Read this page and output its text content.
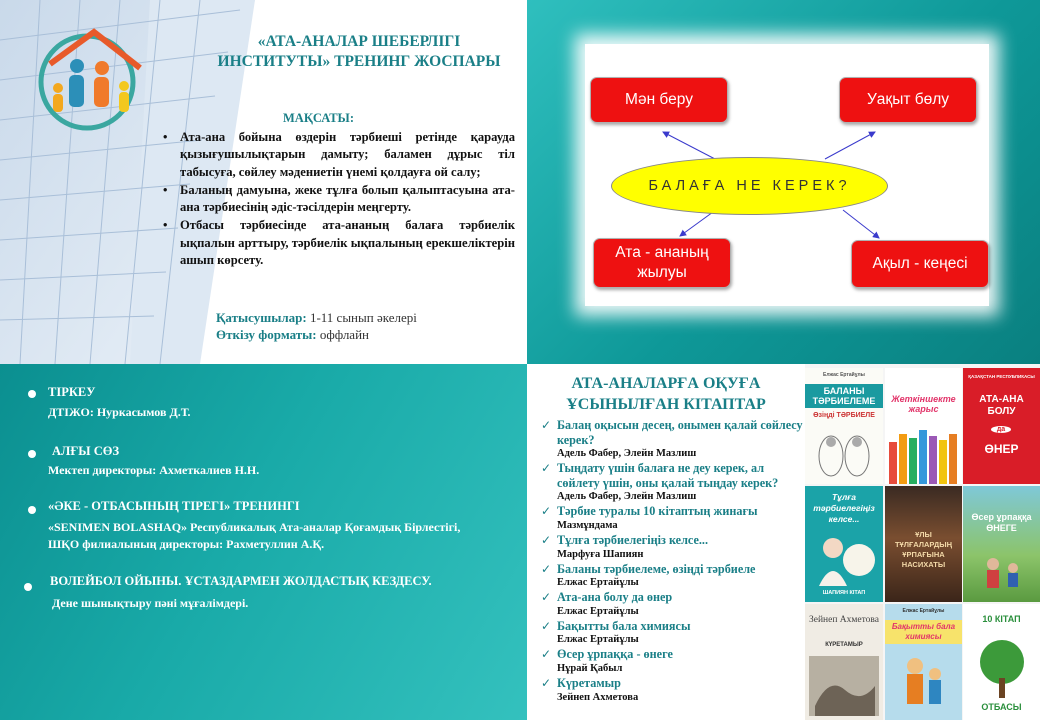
«АТА-АНАЛАР ШЕБЕРЛІГІ ИНСТИТУТЫ» ТРЕНИНГ ЖОСПАРЫ
МАҚСАТЫ:
• Ата-ана бойына өздерін тәрбиеші ретінде қарауда қызығушылықтарын дамыту; баламен дұрыс тіл табысуға, сөйлеу мәдениетін үнемі қолдауға ой салу;
• Баланың дамуына, жеке тұлға болып қалыптасуына ата-ана тәрбиесінің әдіс-тәсілдерін меңгерту.
• Отбасы тәрбиесінде ата-ананың балаға тәрбиелік ықпалын арттыру, тәрбиелік ықпалының ерекшеліктерін ашып көрсету.
Қатысушылар: 1-11 сынып әкелері
Өткізу форматы: оффлайн
Мән беру	Уақыт бөлу
БАЛАҒА НЕ КЕРЕК?
Ата - ананың жылуы
Ақыл - кеңесі
ТІРКЕУ
ДТІЖО: Нуркасымов Д.Т.
АЛҒЫ СӨЗ
Мектеп директоры: Ахметкалиев Н.Н.
«ӘКЕ - ОТБАСЫНЫҢ ТІРЕГІ» ТРЕНИНГІ
«SENIMEN BOLASHAQ» Республикалық Ата-аналар Қоғамдық Бірлестігі,
ШҚО филиалының директоры: Рахметуллин А.Қ.
ВОЛЕЙБОЛ ОЙЫНЫ. ҰСТАЗДАРМЕН ЖОЛДАСТЫҚ КЕЗДЕСУ.
Дене шынықтыру пәні мұғалімдері.
АТА-АНАЛАРҒА ОҚУҒА
ҰСЫНЫЛҒАН КІТАПТАР
✓ Балаң оқысын десең, онымен қалай сөйлесу керек?
Адель Фабер, Элейн Мазлиш
✓ Тыңдату үшін балаға не деу керек, ал сөйлету үшін, оны қалай тыңдау керек?
Адель Фабер, Элейн Мазлиш
✓ Тәрбие туралы 10 кітаптың жинағы
Мазмұндама
✓ Тұлға тәрбиелегіңіз келсе...
Марфуға Шапиян
✓ Баланы тәрбиелеме, өзіңді тәрбиеле
Елжас Ертайұлы
✓ Ата-ана болу да өнер
Елжас Ертайұлы
✓ Бақытты бала химиясы
Елжас Ертайұлы
✓ Өсер ұрпаққа - өнеге
Нұрай Қабыл
✓ Күретамыр
Зейнеп Ахметова
Елжас Ертайұлы
БАЛАНЫ ТӘРБИЕЛЕМЕ
Өзіңді ТӘРБИЕЛЕ
Жеткіншекте жарыс
ҚАЗАҚСТАН РЕСПУБЛИКАСЫ
АТА-АНА БОЛУ
да
ӨНЕР
Тұлға тәрбиелегіңіз келсе...
ШАПИЯН КІТАП
ҰЛЫ ТҰЛҒАЛАРДЫҢ ҰРПАҒЫНА НАСИХАТЫ
Өсер ұрпаққа ӨНЕГЕ
Зейнеп Ахметова
КҮРЕТАМЫР
Бақытты бала химиясы
Елжас Ертайұлы
10 КІТАП
ОТБАСЫ
